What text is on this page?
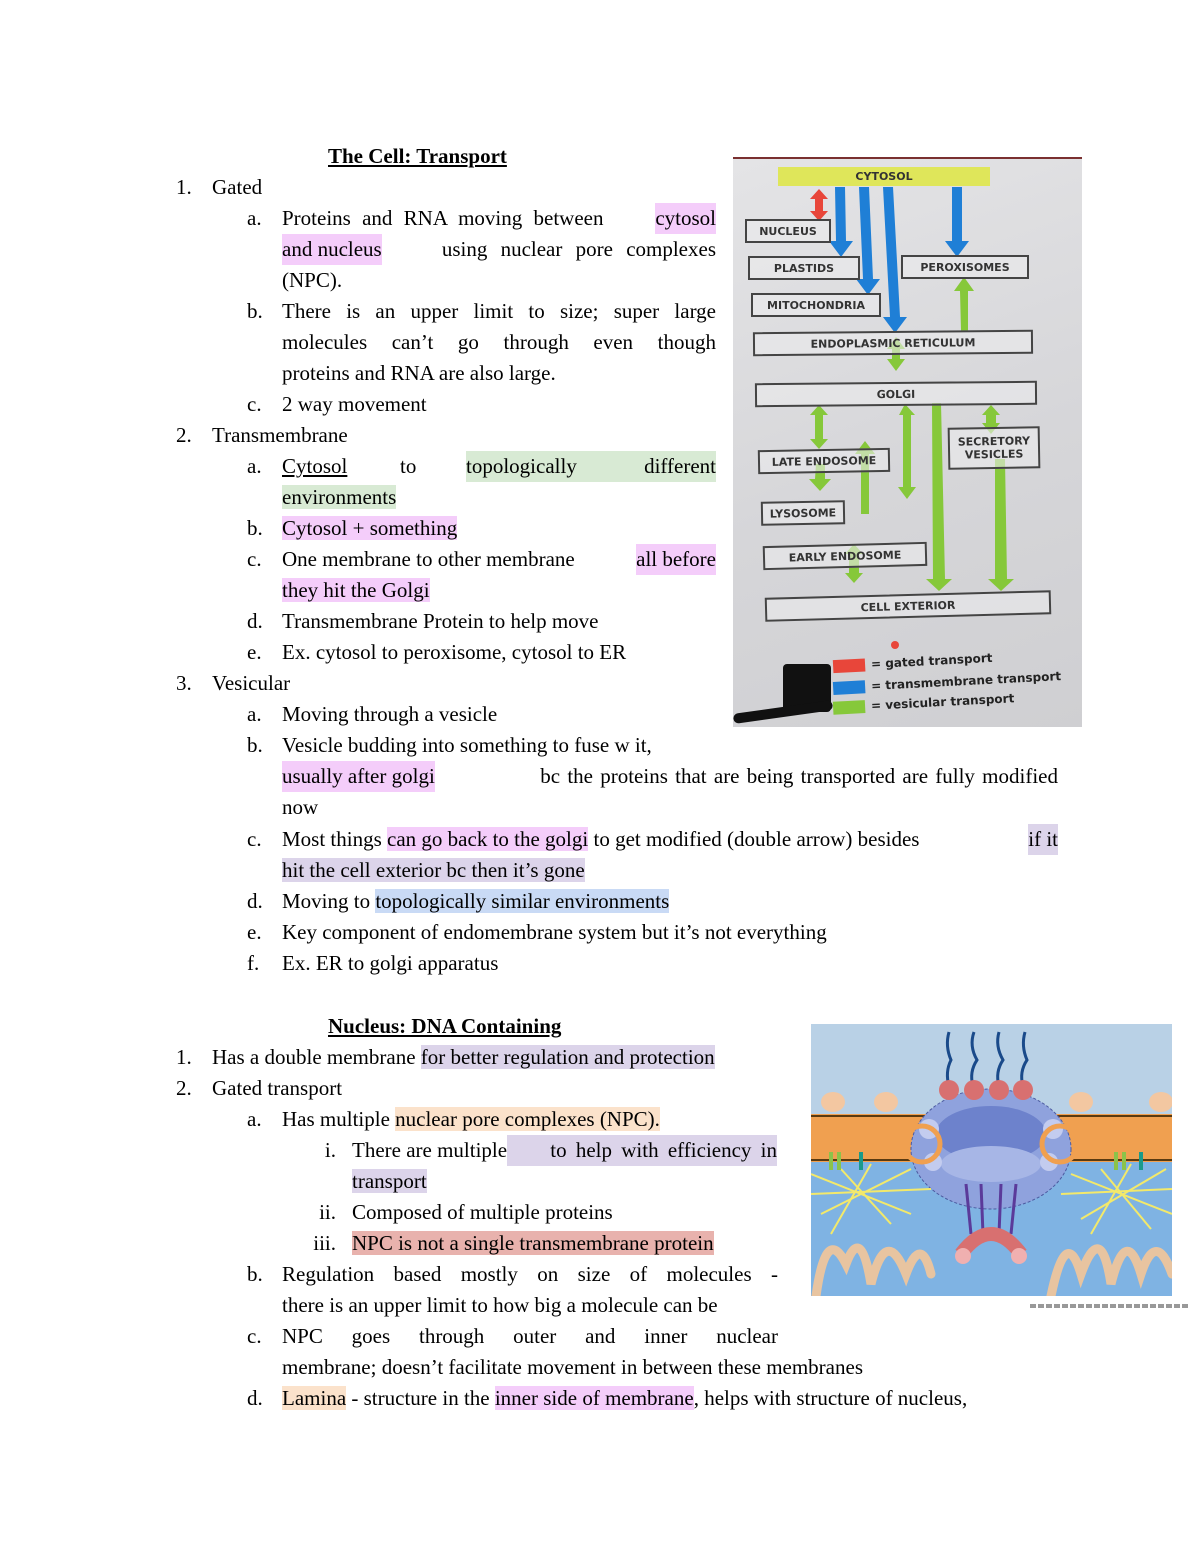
The Cell: Transport
1. Gated
a. Proteins and RNA moving between cytosol
and nucleus	using nuclear pore complexes
(NPC).
b. There is an upper limit to size; super large
molecules can’t go through even though
proteins and RNA are also large.
c. 2 way movement
2. Transmembrane
a. Cytosol	to topologically	different
environments
b. Cytosol + something
c. One membrane to other membrane	all before
they hit the Golgi
d. Transmembrane Protein to help move
e. Ex. cytosol to peroxisome, cytosol to ER
3. Vesicular
a. Moving through a vesicle
b. Vesicle budding into something to fuse w it,
usually after golgi	bc the proteins that are being transported are fully modified
now
c. Most things can go back to the golgi to get modified (double arrow) besides	if it
hit the cell exterior bc then it’s gone
d. Moving to topologically similar environments
e. Key component of endomembrane system but it’s not everything
f. Ex. ER to golgi apparatus
CYTOSOL
NUCLEUS
PLASTIDS	PEROXISOMES
MITOCHONDRIA
ENDOPLASMIC RETICULUM
GOLGI
SECRETORY VESICLES
LATE ENDOSOME
LYSOSOME
EARLY ENDOSOME
CELL EXTERIOR
= gated transport
= transmembrane transport
= vesicular transport
Nucleus: DNA Containing
1. Has a double membrane for better regulation and protection
2. Gated transport
a. Has multiple nuclear pore complexes (NPC).
i. There are multiple	to help with efficiency in
transport
ii. Composed of multiple proteins
iii. NPC is not a single transmembrane protein
b. Regulation based mostly on size of molecules -
there is an upper limit to how big a molecule can be
c. NPC goes through outer and inner nuclear
membrane; doesn’t facilitate movement in between these membranes
d. Lamina - structure in the inner side of membrane, helps with structure of nucleus,
